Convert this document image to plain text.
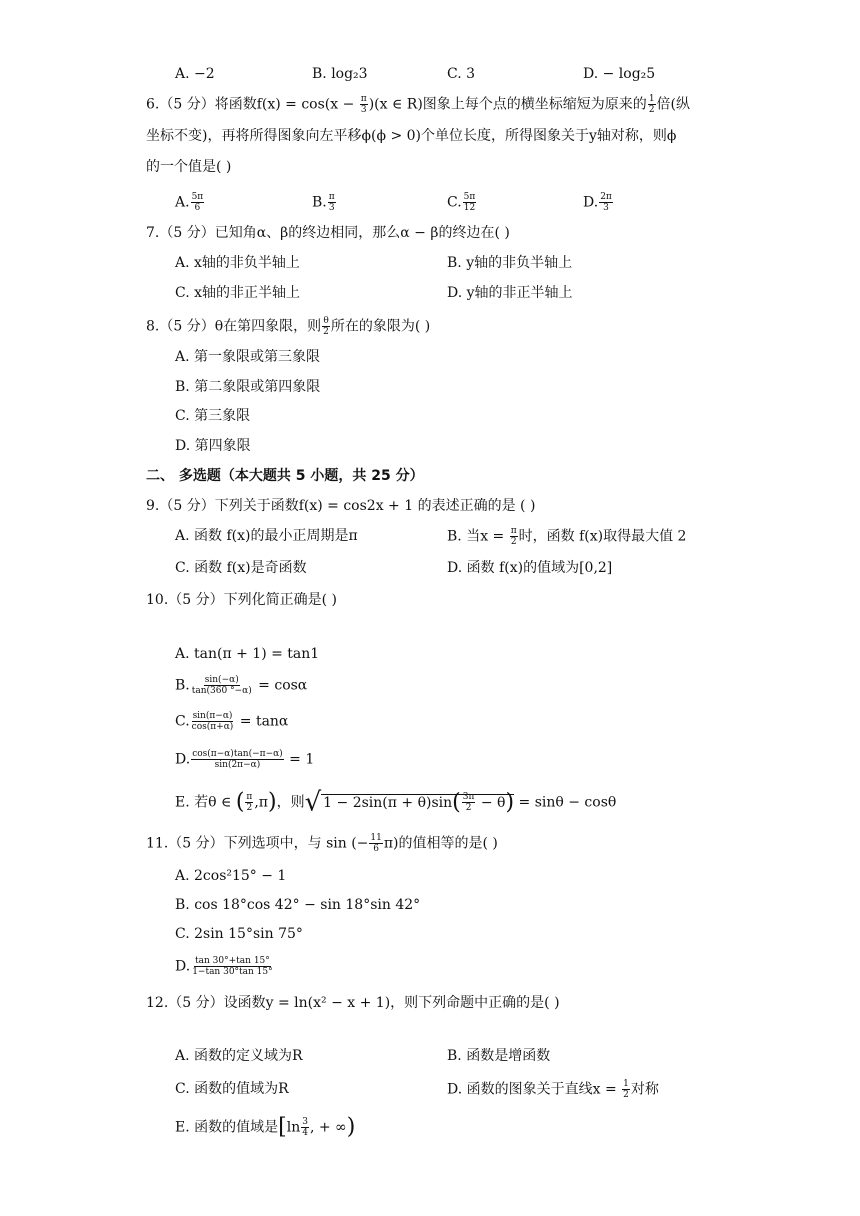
A. −2	B. log₂3	C. 3	D. − log₂5
6.（5 分）将函数$f(x) = \cos(x - \frac{\pi}{3} )(x$ ∈ R)图象上每个点的横坐标缩短为原来的 $\frac{1}{2}$ 倍(纵
坐标不变)，再将所得图象向左平移ϕ(ϕ > 0)个单位长度，所得图象关于y轴对称，则ϕ
的一个值是( )
A. $\frac{5\pi}{6}$	B. $\frac{\pi}{3}$	C. $\frac{5\pi}{12}$	D. $\frac{2\pi}{3}$
7.（5 分）已知角α、β的终边相同，那么α − β的终边在( )
A. x轴的非负半轴上	B. y轴的非负半轴上
C. x轴的非正半轴上	D. y轴的非正半轴上
8.（5 分）θ在第四象限，则 $\frac{\theta}{2}$ 所在的象限为( )
A. 第一象限或第三象限
B. 第二象限或第四象限
C. 第三象限
D. 第四象限
二、 多选题（本大题共 5 小题，共 25 分）
9.（5 分）下列关于函数f(x) = cos2x + 1 的表述正确的是 ( )
A. 函数 f(x)的最小正周期是π	B. 当$x = \frac{\pi}{2}$ 时，函数 f(x)取得最大值 2
C. 函数 f(x)是奇函数	D. 函数 f(x)的值域为[0,2]
10.（5 分）下列化简正确是( )
A. tan(π + 1) = tan1
B. $\frac{\sin(-\alpha)}{\tan(360 ^\circ-\alpha)} = \cos\alpha$
C. $\frac{\sin(\pi-\alpha)}{\cos(\pi+\alpha)} = \tan\alpha$
D. $\frac{\cos(\pi-\alpha)\tan(-\pi-\alpha)}{\sin(2\pi-\alpha)} = 1$
E. 若θ ∈ ( $\frac{\pi}{2} ,\pi$)，则√ $1 - 2\sin(\pi + \theta)\sin( \frac{3\pi}{2} - \theta) = \sin\theta - \cos\theta$
11.（5 分）下列选项中，与 sin (− $\frac{11}{6} \pi$)的值相等的是( )
A. 2cos²15° − 1
B. cos 18°cos 42° − sin 18°sin 42°
C. 2sin 15°sin 75°
D. $\frac{\tan 30^\circ+\tan 15^\circ}{1-\tan 30^\circ\tan 15^\circ}$
12.（5 分）设函数y = ln(x² − x + 1)，则下列命题中正确的是( )
A. 函数的定义域为R	B. 函数是增函数
C. 函数的值域为R	D. 函数的图象关于直线$x = \frac{1}{2}$ 对称
E. 函数的值域是[$\ln \frac{3}{4}$ , + ∞)
